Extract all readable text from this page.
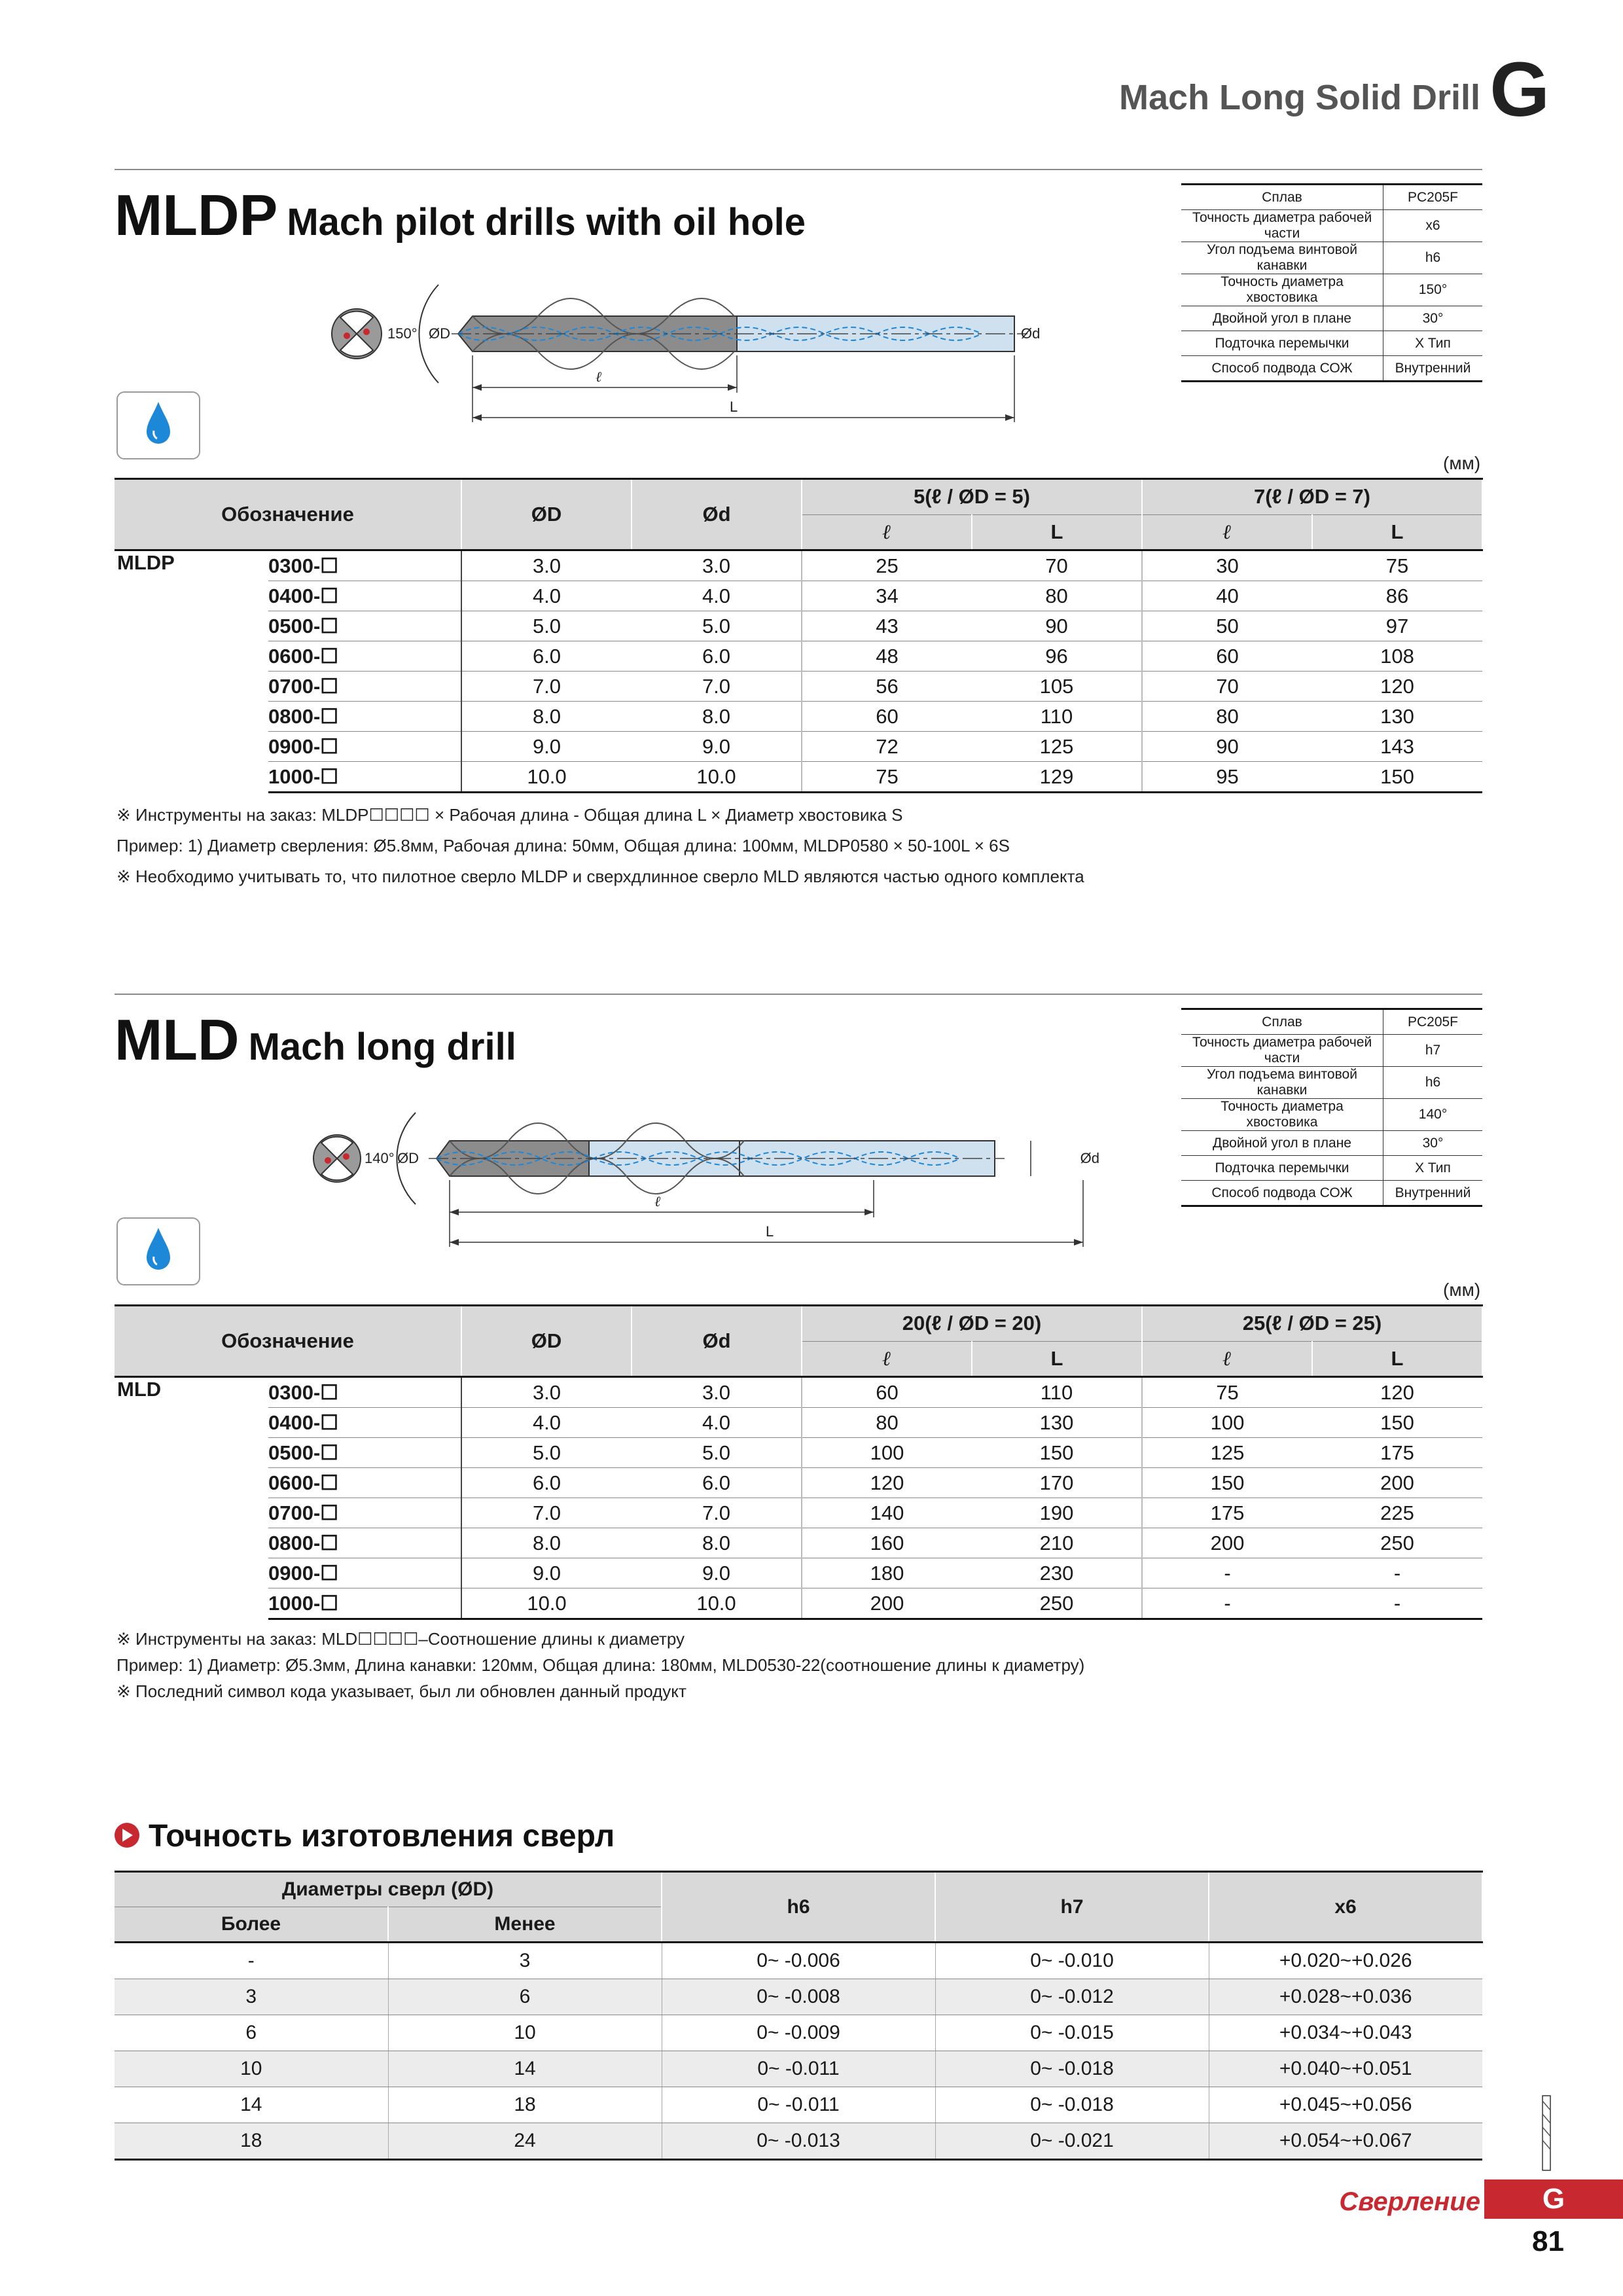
Mach Long Solid Drill G
MLDP Mach pilot drills with oil hole
Сплав	PC205F
Точность диаметра рабочей части	x6
Угол подъема винтовой канавки	h6
Точность диаметра хвостовика	150°
Двойной угол в плане	30°
Подточка перемычки	X Тип
Способ подвода СОЖ	Внутренний
150° ØD	Ød
ℓ
L
(мм)
Обозначение		ØD	Ød	5(ℓ / ØD = 5)		7(ℓ / ØD = 7)	
				ℓ	L	ℓ	L
MLDP	0300-☐	3.0	3.0	25	70	30	75
	0400-☐	4.0	4.0	34	80	40	86
	0500-☐	5.0	5.0	43	90	50	97
	0600-☐	6.0	6.0	48	96	60	108
	0700-☐	7.0	7.0	56	105	70	120
	0800-☐	8.0	8.0	60	110	80	130
	0900-☐	9.0	9.0	72	125	90	143
	1000-☐	10.0	10.0	75	129	95	150
※ Инструменты на заказ: MLDP☐☐☐☐ × Рабочая длина - Общая длина L × Диаметр хвостовика S
Пример: 1) Диаметр сверления: Ø5.8мм, Рабочая длина: 50мм, Общая длина: 100мм, MLDP0580 × 50-100L × 6S
※ Необходимо учитывать то, что пилотное сверло MLDP и сверхдлинное сверло MLD являются частью одного комплекта
MLD Mach long drill
Сплав	PC205F
Точность диаметра рабочей части	h7
Угол подъема винтовой канавки	h6
Точность диаметра хвостовика	140°
Двойной угол в плане	30°
Подточка перемычки	X Тип
Способ подвода СОЖ	Внутренний
140° ØD	Ød
ℓ
L
(мм)
Обозначение		ØD	Ød	20(ℓ / ØD = 20)		25(ℓ / ØD = 25)	
				ℓ	L	ℓ	L
MLD	0300-☐	3.0	3.0	60	110	75	120
	0400-☐	4.0	4.0	80	130	100	150
	0500-☐	5.0	5.0	100	150	125	175
	0600-☐	6.0	6.0	120	170	150	200
	0700-☐	7.0	7.0	140	190	175	225
	0800-☐	8.0	8.0	160	210	200	250
	0900-☐	9.0	9.0	180	230	-	-
	1000-☐	10.0	10.0	200	250	-	-
※ Инструменты на заказ: MLD☐☐☐☐–Соотношение длины к диаметру
Пример: 1) Диаметр: Ø5.3мм, Длина канавки: 120мм, Общая длина: 180мм, MLD0530-22(соотношение длины к диаметру)
※ Последний символ кода указывает, был ли обновлен данный продукт
Точность изготовления сверл
Диаметры сверл (ØD)		h6	h7	x6
Более	Менее			
-	3	0~ -0.006	0~ -0.010	+0.020~+0.026
3	6	0~ -0.008	0~ -0.012	+0.028~+0.036
6	10	0~ -0.009	0~ -0.015	+0.034~+0.043
10	14	0~ -0.011	0~ -0.018	+0.040~+0.051
14	18	0~ -0.011	0~ -0.018	+0.045~+0.056
18	24	0~ -0.013	0~ -0.021	+0.054~+0.067
Сверление	G
81
